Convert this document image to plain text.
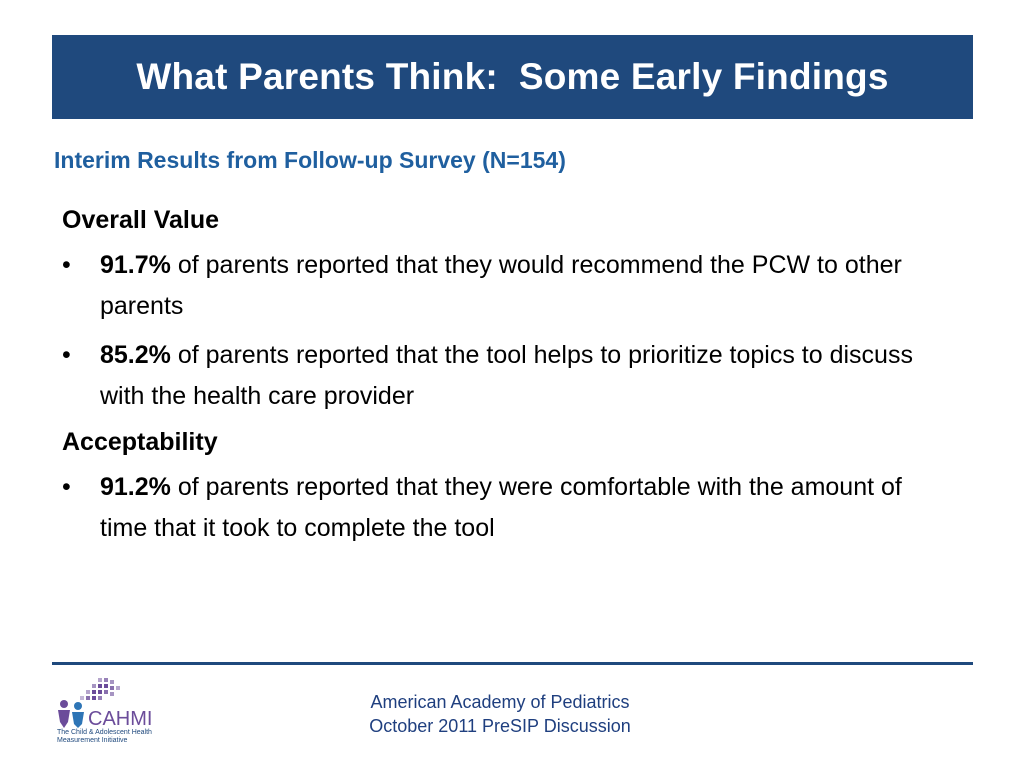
What Parents Think:  Some Early Findings
Interim Results from Follow-up Survey (N=154)
Overall Value
• 91.7% of parents reported that they would recommend the PCW to other parents
• 85.2% of parents reported that the tool helps to prioritize topics to discuss with the health care provider
Acceptability
• 91.2% of parents reported that they were comfortable with the amount of time that it took to complete the tool
CAHMI
The Child & Adolescent Health
Measurement Initiative
American Academy of Pediatrics
October 2011 PreSIP Discussion
